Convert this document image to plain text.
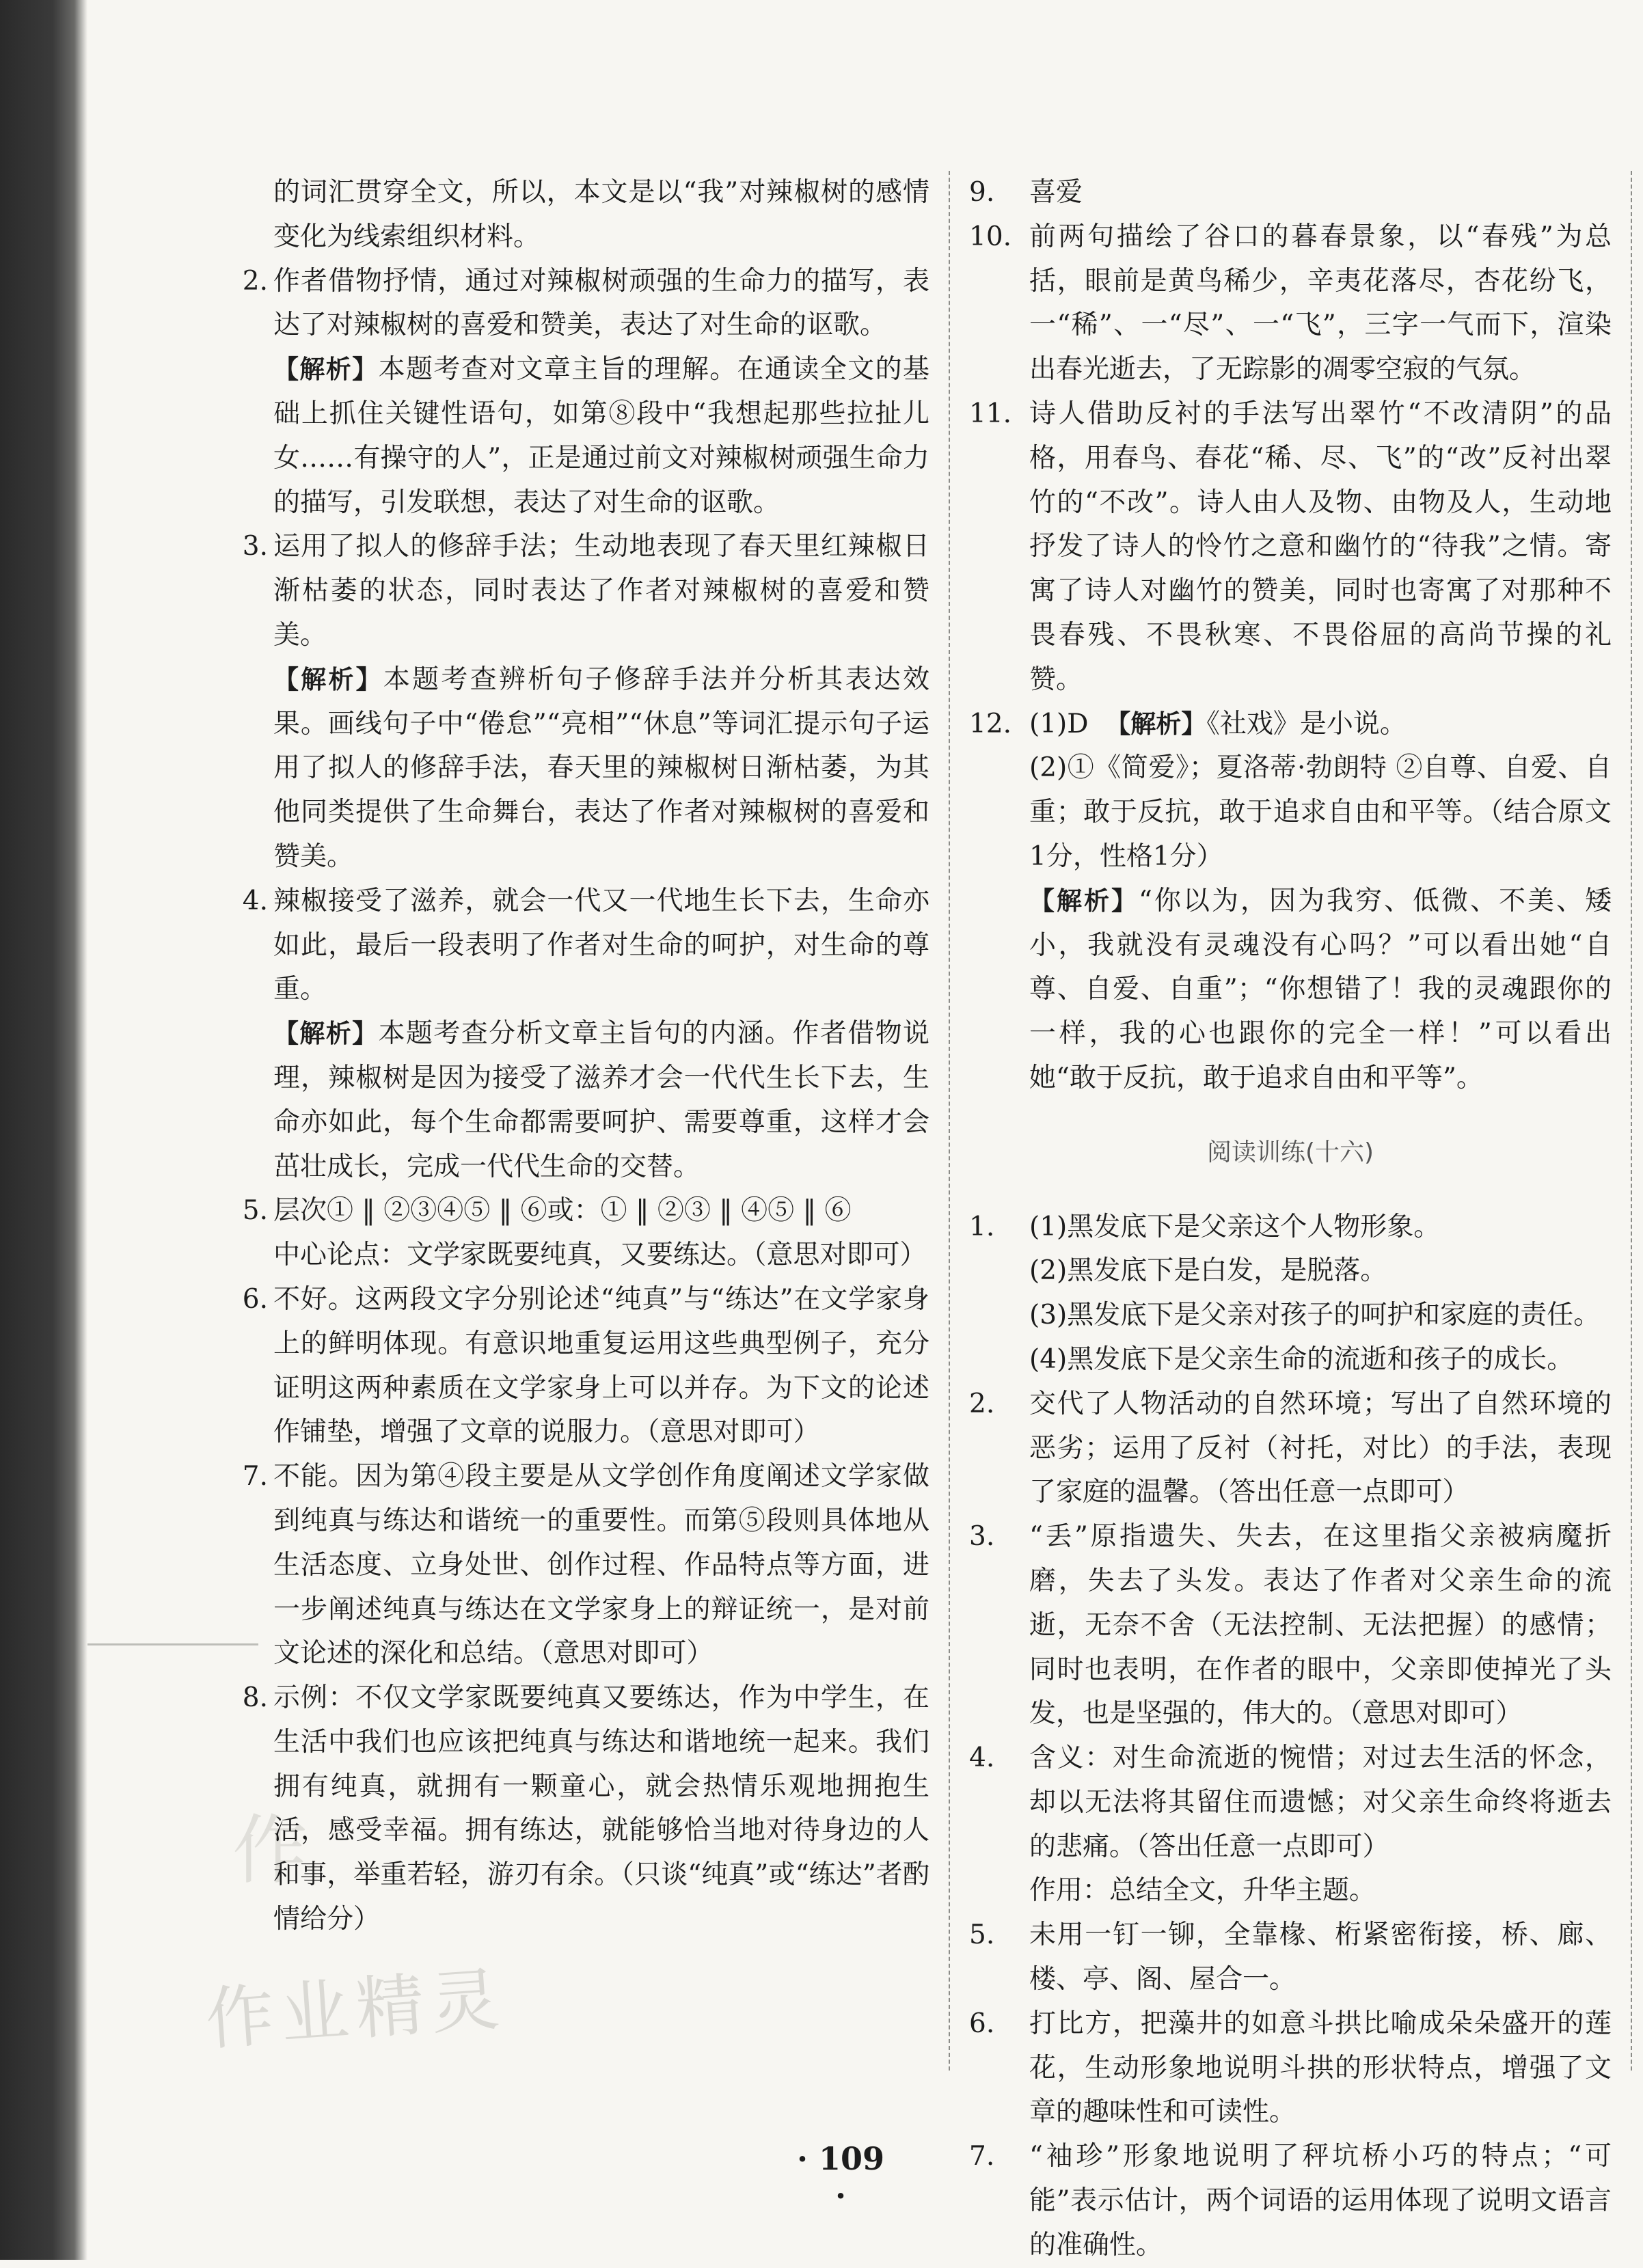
作
作业精灵

的词汇贯穿全文，所以，本文是以“我”对辣椒树的感情变化为线索组织材料。

2. 作者借物抒情，通过对辣椒树顽强的生命力的描写，表达了对辣椒树的喜爱和赞美，表达了对生命的讴歌。

【解析】本题考查对文章主旨的理解。在通读全文的基础上抓住关键性语句，如第⑧段中“我想起那些拉扯儿女……有操守的人”，正是通过前文对辣椒树顽强生命力的描写，引发联想，表达了对生命的讴歌。

3. 运用了拟人的修辞手法；生动地表现了春天里红辣椒日渐枯萎的状态，同时表达了作者对辣椒树的喜爱和赞美。

【解析】本题考查辨析句子修辞手法并分析其表达效果。画线句子中“倦怠”“亮相”“休息”等词汇提示句子运用了拟人的修辞手法，春天里的辣椒树日渐枯萎，为其他同类提供了生命舞台，表达了作者对辣椒树的喜爱和赞美。

4. 辣椒接受了滋养，就会一代又一代地生长下去，生命亦如此，最后一段表明了作者对生命的呵护，对生命的尊重。

【解析】本题考查分析文章主旨句的内涵。作者借物说理，辣椒树是因为接受了滋养才会一代代生长下去，生命亦如此，每个生命都需要呵护、需要尊重，这样才会茁壮成长，完成一代代生命的交替。

5. 层次① ‖ ②③④⑤ ‖ ⑥或：① ‖ ②③ ‖ ④⑤ ‖ ⑥

中心论点：文学家既要纯真，又要练达。（意思对即可）

6. 不好。这两段文字分别论述“纯真”与“练达”在文学家身上的鲜明体现。有意识地重复运用这些典型例子，充分证明这两种素质在文学家身上可以并存。为下文的论述作铺垫，增强了文章的说服力。（意思对即可）

7. 不能。因为第④段主要是从文学创作角度阐述文学家做到纯真与练达和谐统一的重要性。而第⑤段则具体地从生活态度、立身处世、创作过程、作品特点等方面，进一步阐述纯真与练达在文学家身上的辩证统一，是对前文论述的深化和总结。（意思对即可）

8. 示例：不仅文学家既要纯真又要练达，作为中学生，在生活中我们也应该把纯真与练达和谐地统一起来。我们拥有纯真，就拥有一颗童心，就会热情乐观地拥抱生活，感受幸福。拥有练达，就能够恰当地对待身边的人和事，举重若轻，游刃有余。（只谈“纯真”或“练达”者酌情给分）

9.	喜爱

10. 前两句描绘了谷口的暮春景象，以“春残”为总括，眼前是黄鸟稀少，辛夷花落尽，杏花纷飞，一“稀”、一“尽”、一“飞”，三字一气而下，渲染出春光逝去，了无踪影的凋零空寂的气氛。

11. 诗人借助反衬的手法写出翠竹“不改清阴”的品格，用春鸟、春花“稀、尽、飞”的“改”反衬出翠竹的“不改”。诗人由人及物、由物及人，生动地抒发了诗人的怜竹之意和幽竹的“待我”之情。寄寓了诗人对幽竹的赞美，同时也寄寓了对那种不畏春残、不畏秋寒、不畏俗屈的高尚节操的礼赞。

12. (1)D 【解析】《社戏》是小说。

(2)①《简爱》；夏洛蒂·勃朗特 ②自尊、自爱、自重；敢于反抗，敢于追求自由和平等。（结合原文1分，性格1分）

【解析】“你以为，因为我穷、低微、不美、矮小，我就没有灵魂没有心吗？”可以看出她“自尊、自爱、自重”；“你想错了！我的灵魂跟你的一样，我的心也跟你的完全一样！”可以看出她“敢于反抗，敢于追求自由和平等”。

阅读训练(十六)
1.	(1)黑发底下是父亲这个人物形象。

(2)黑发底下是白发，是脱落。

(3)黑发底下是父亲对孩子的呵护和家庭的责任。

(4)黑发底下是父亲生命的流逝和孩子的成长。

2.	交代了人物活动的自然环境；写出了自然环境的恶劣；运用了反衬（衬托，对比）的手法，表现了家庭的温馨。（答出任意一点即可）

3.	“丢”原指遗失、失去，在这里指父亲被病魔折磨，失去了头发。表达了作者对父亲生命的流逝，无奈不舍（无法控制、无法把握）的感情；同时也表明，在作者的眼中，父亲即使掉光了头发，也是坚强的，伟大的。（意思对即可）

4.	含义：对生命流逝的惋惜；对过去生活的怀念，却以无法将其留住而遗憾；对父亲生命终将逝去的悲痛。（答出任意一点即可）

作用：总结全文，升华主题。

5.	未用一钉一铆，全靠椽、桁紧密衔接，桥、廊、楼、亭、阁、屋合一。

6.	打比方，把藻井的如意斗拱比喻成朵朵盛开的莲花，生动形象地说明斗拱的形状特点，增强了文章的趣味性和可读性。

7.	“袖珍”形象地说明了秤坑桥小巧的特点；“可能”表示估计，两个词语的运用体现了说明文语言的准确性。

· 109 ·
